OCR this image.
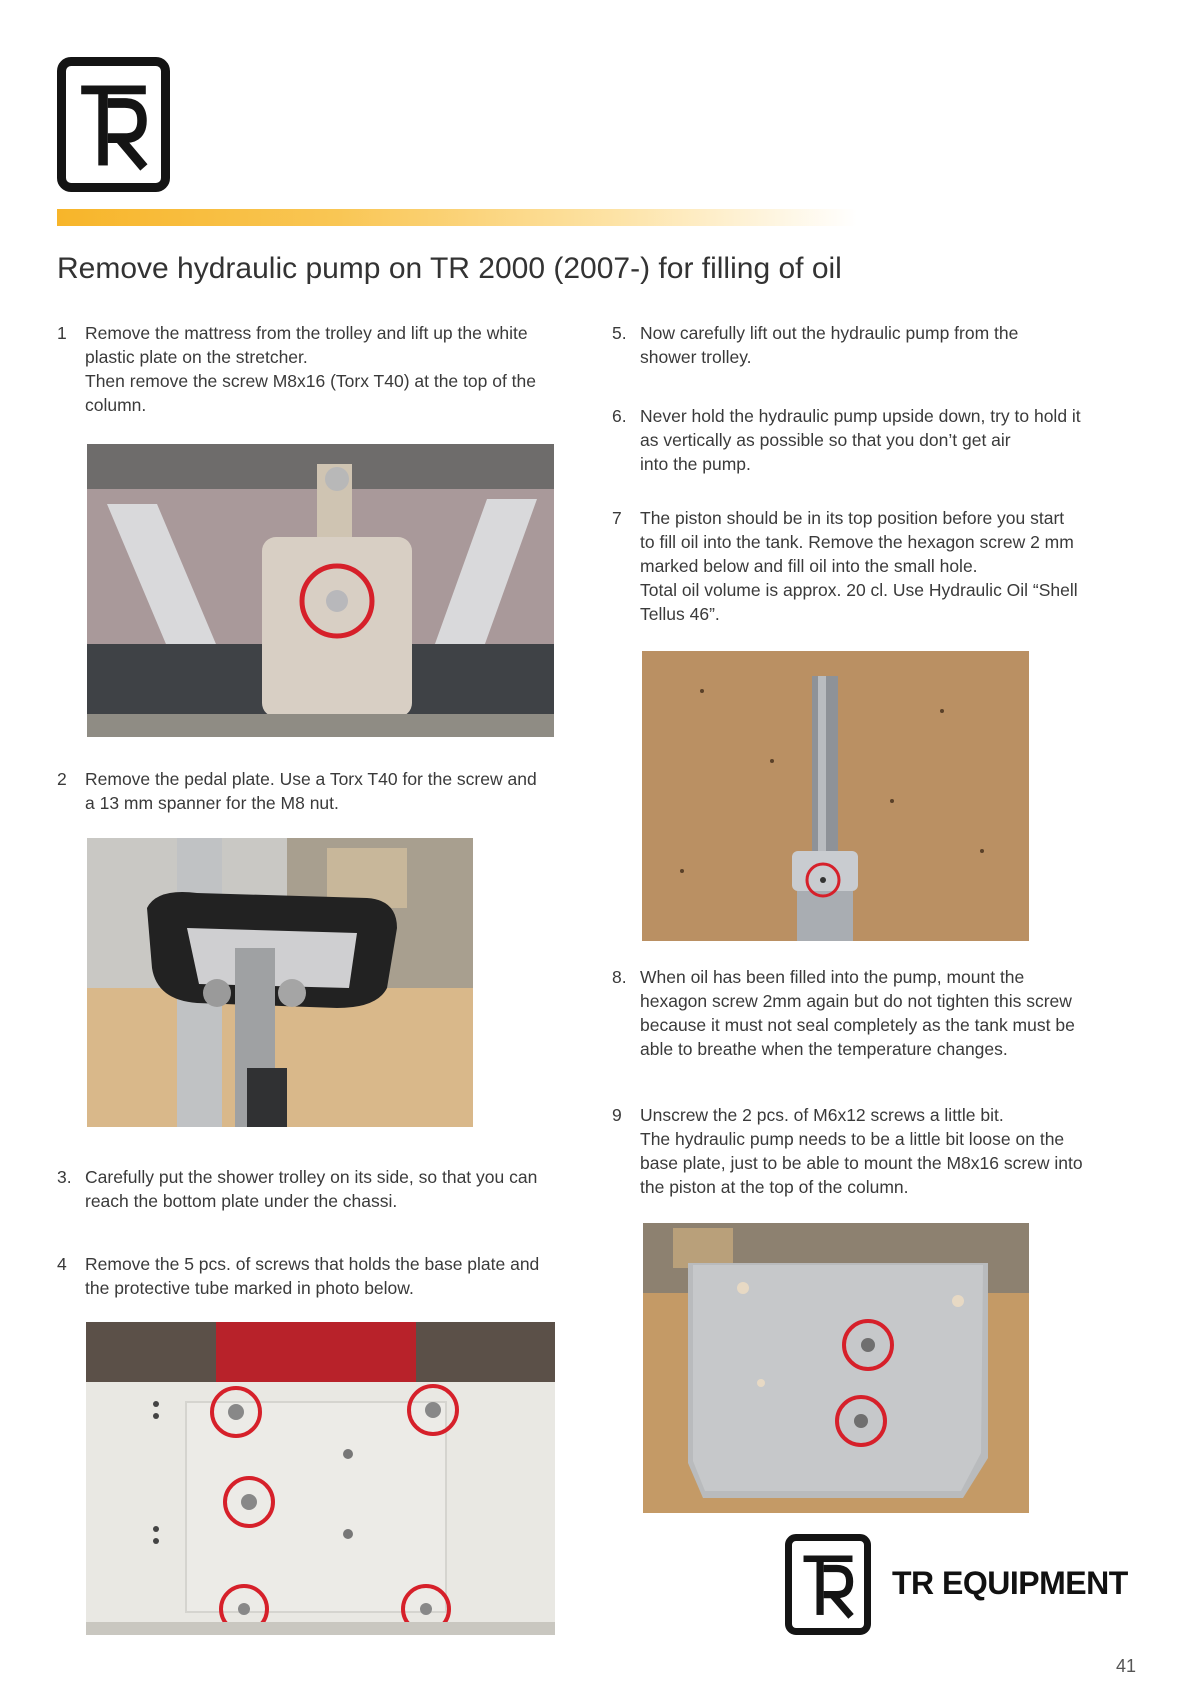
Remove hydraulic pump on TR 2000 (2007-) for filling of oil
1 Remove the mattress from the trolley and lift up the white
plastic plate on the stretcher.
Then remove the screw M8x16 (Torx T40) at the top of the
column.
2 Remove the pedal plate. Use a Torx T40 for the screw and
a 13 mm spanner for the M8 nut.
3. Carefully put the shower trolley on its side, so that you can
reach the bottom plate under the chassi.
4 Remove the 5 pcs. of screws that holds the base plate and
the protective tube marked in photo below.
5. Now carefully lift out the hydraulic pump from the
shower trolley.
6. Never hold the hydraulic pump upside down, try to hold it
as vertically as possible so that you don’t get air
into the pump.
7 The piston should be in its top position before you start
to fill oil into the tank. Remove the hexagon screw 2 mm
marked below and fill oil into the small hole.
Total oil volume is approx. 20 cl. Use Hydraulic Oil “Shell
Tellus 46”.
8. When oil has been filled into the pump, mount the
hexagon screw 2mm again but do not tighten this screw
because it must not seal completely as the tank must be
able to breathe when the temperature changes.
9 Unscrew the 2 pcs. of M6x12 screws a little bit.
The hydraulic pump needs to be a little bit loose on the
base plate, just to be able to mount the M8x16 screw into
the piston at the top of the column.
TR EQUIPMENT
41
